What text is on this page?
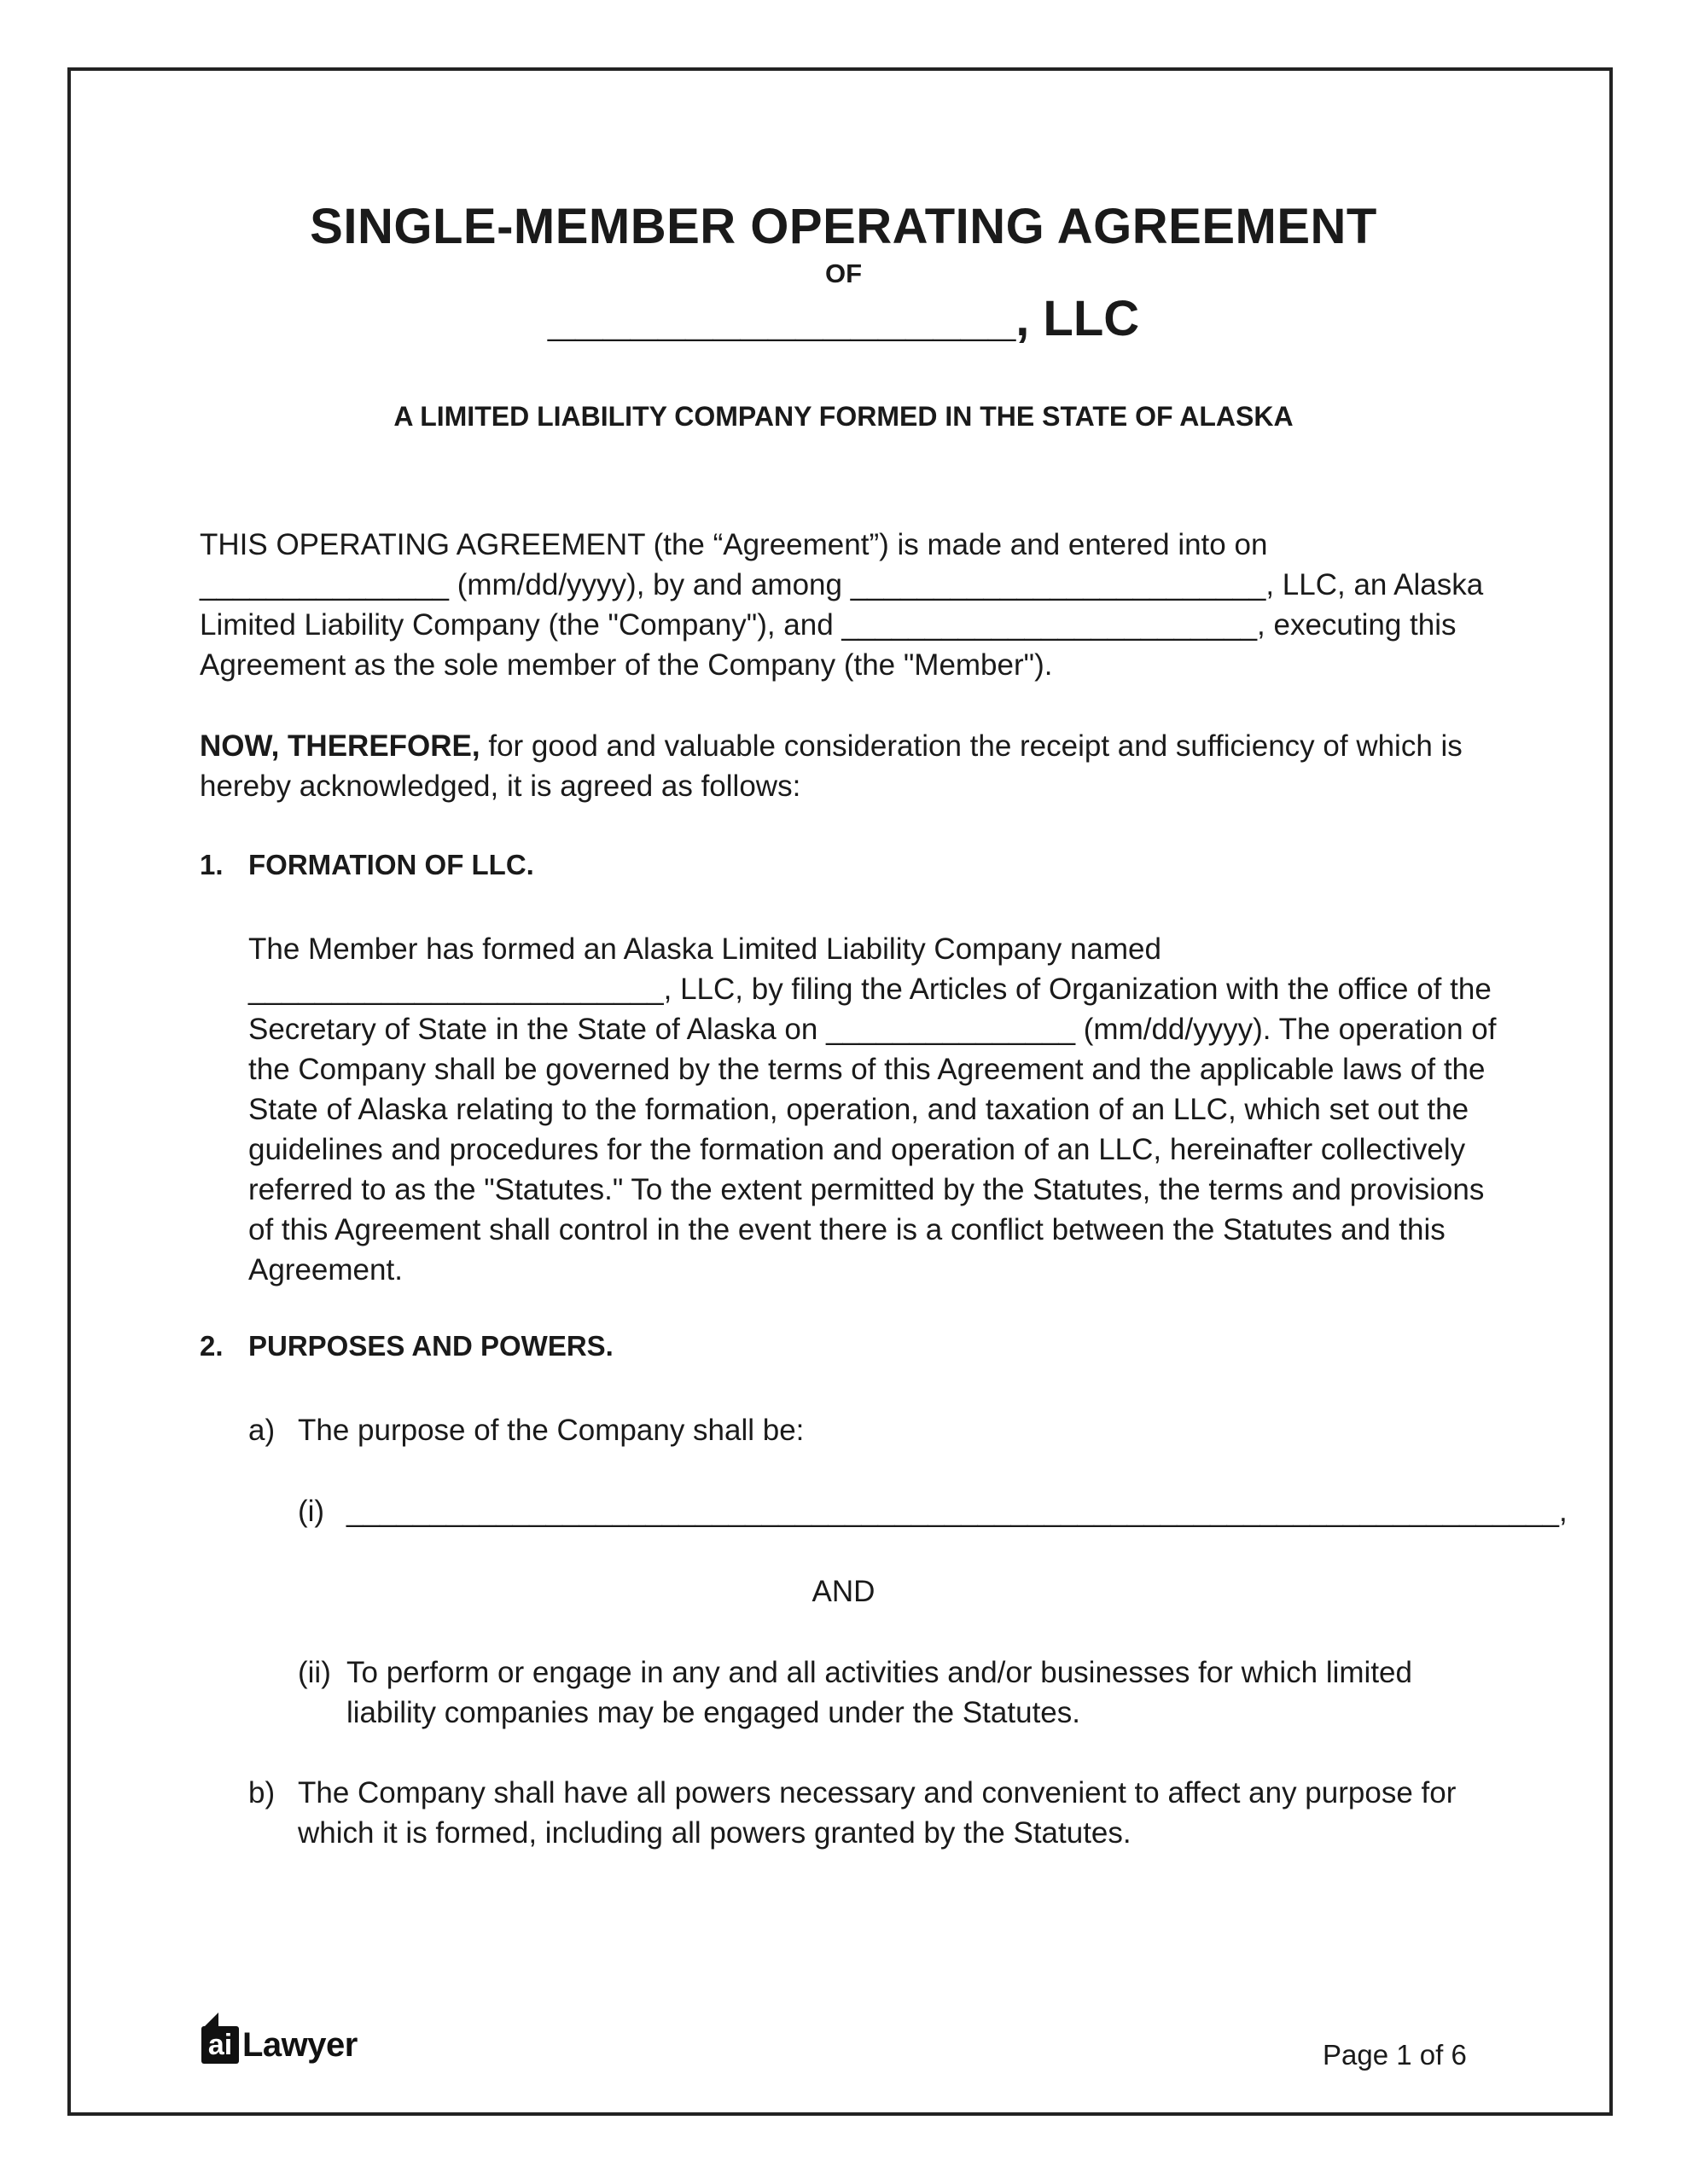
SINGLE-MEMBER OPERATING AGREEMENT
OF
_________________, LLC
A LIMITED LIABILITY COMPANY FORMED IN THE STATE OF ALASKA
THIS OPERATING AGREEMENT (the “Agreement”) is made and entered into on _______________ (mm/dd/yyyy), by and among _________________________, LLC, an Alaska Limited Liability Company (the "Company"), and _________________________, executing this Agreement as the sole member of the Company (the "Member").
NOW, THEREFORE, for good and valuable consideration the receipt and sufficiency of which is hereby acknowledged, it is agreed as follows:
1. FORMATION OF LLC.
The Member has formed an Alaska Limited Liability Company named _________________________, LLC, by filing the Articles of Organization with the office of the Secretary of State in the State of Alaska on _______________ (mm/dd/yyyy). The operation of the Company shall be governed by the terms of this Agreement and the applicable laws of the State of Alaska relating to the formation, operation, and taxation of an LLC, which set out the guidelines and procedures for the formation and operation of an LLC, hereinafter collectively referred to as the "Statutes." To the extent permitted by the Statutes, the terms and provisions of this Agreement shall control in the event there is a conflict between the Statutes and this Agreement.
2. PURPOSES AND POWERS.
a) The purpose of the Company shall be:
(i) _________________________________________________________________________,
AND
(ii) To perform or engage in any and all activities and/or businesses for which limited liability companies may be engaged under the Statutes.
b) The Company shall have all powers necessary and convenient to affect any purpose for which it is formed, including all powers granted by the Statutes.
ai Lawyer	Page 1 of 6
